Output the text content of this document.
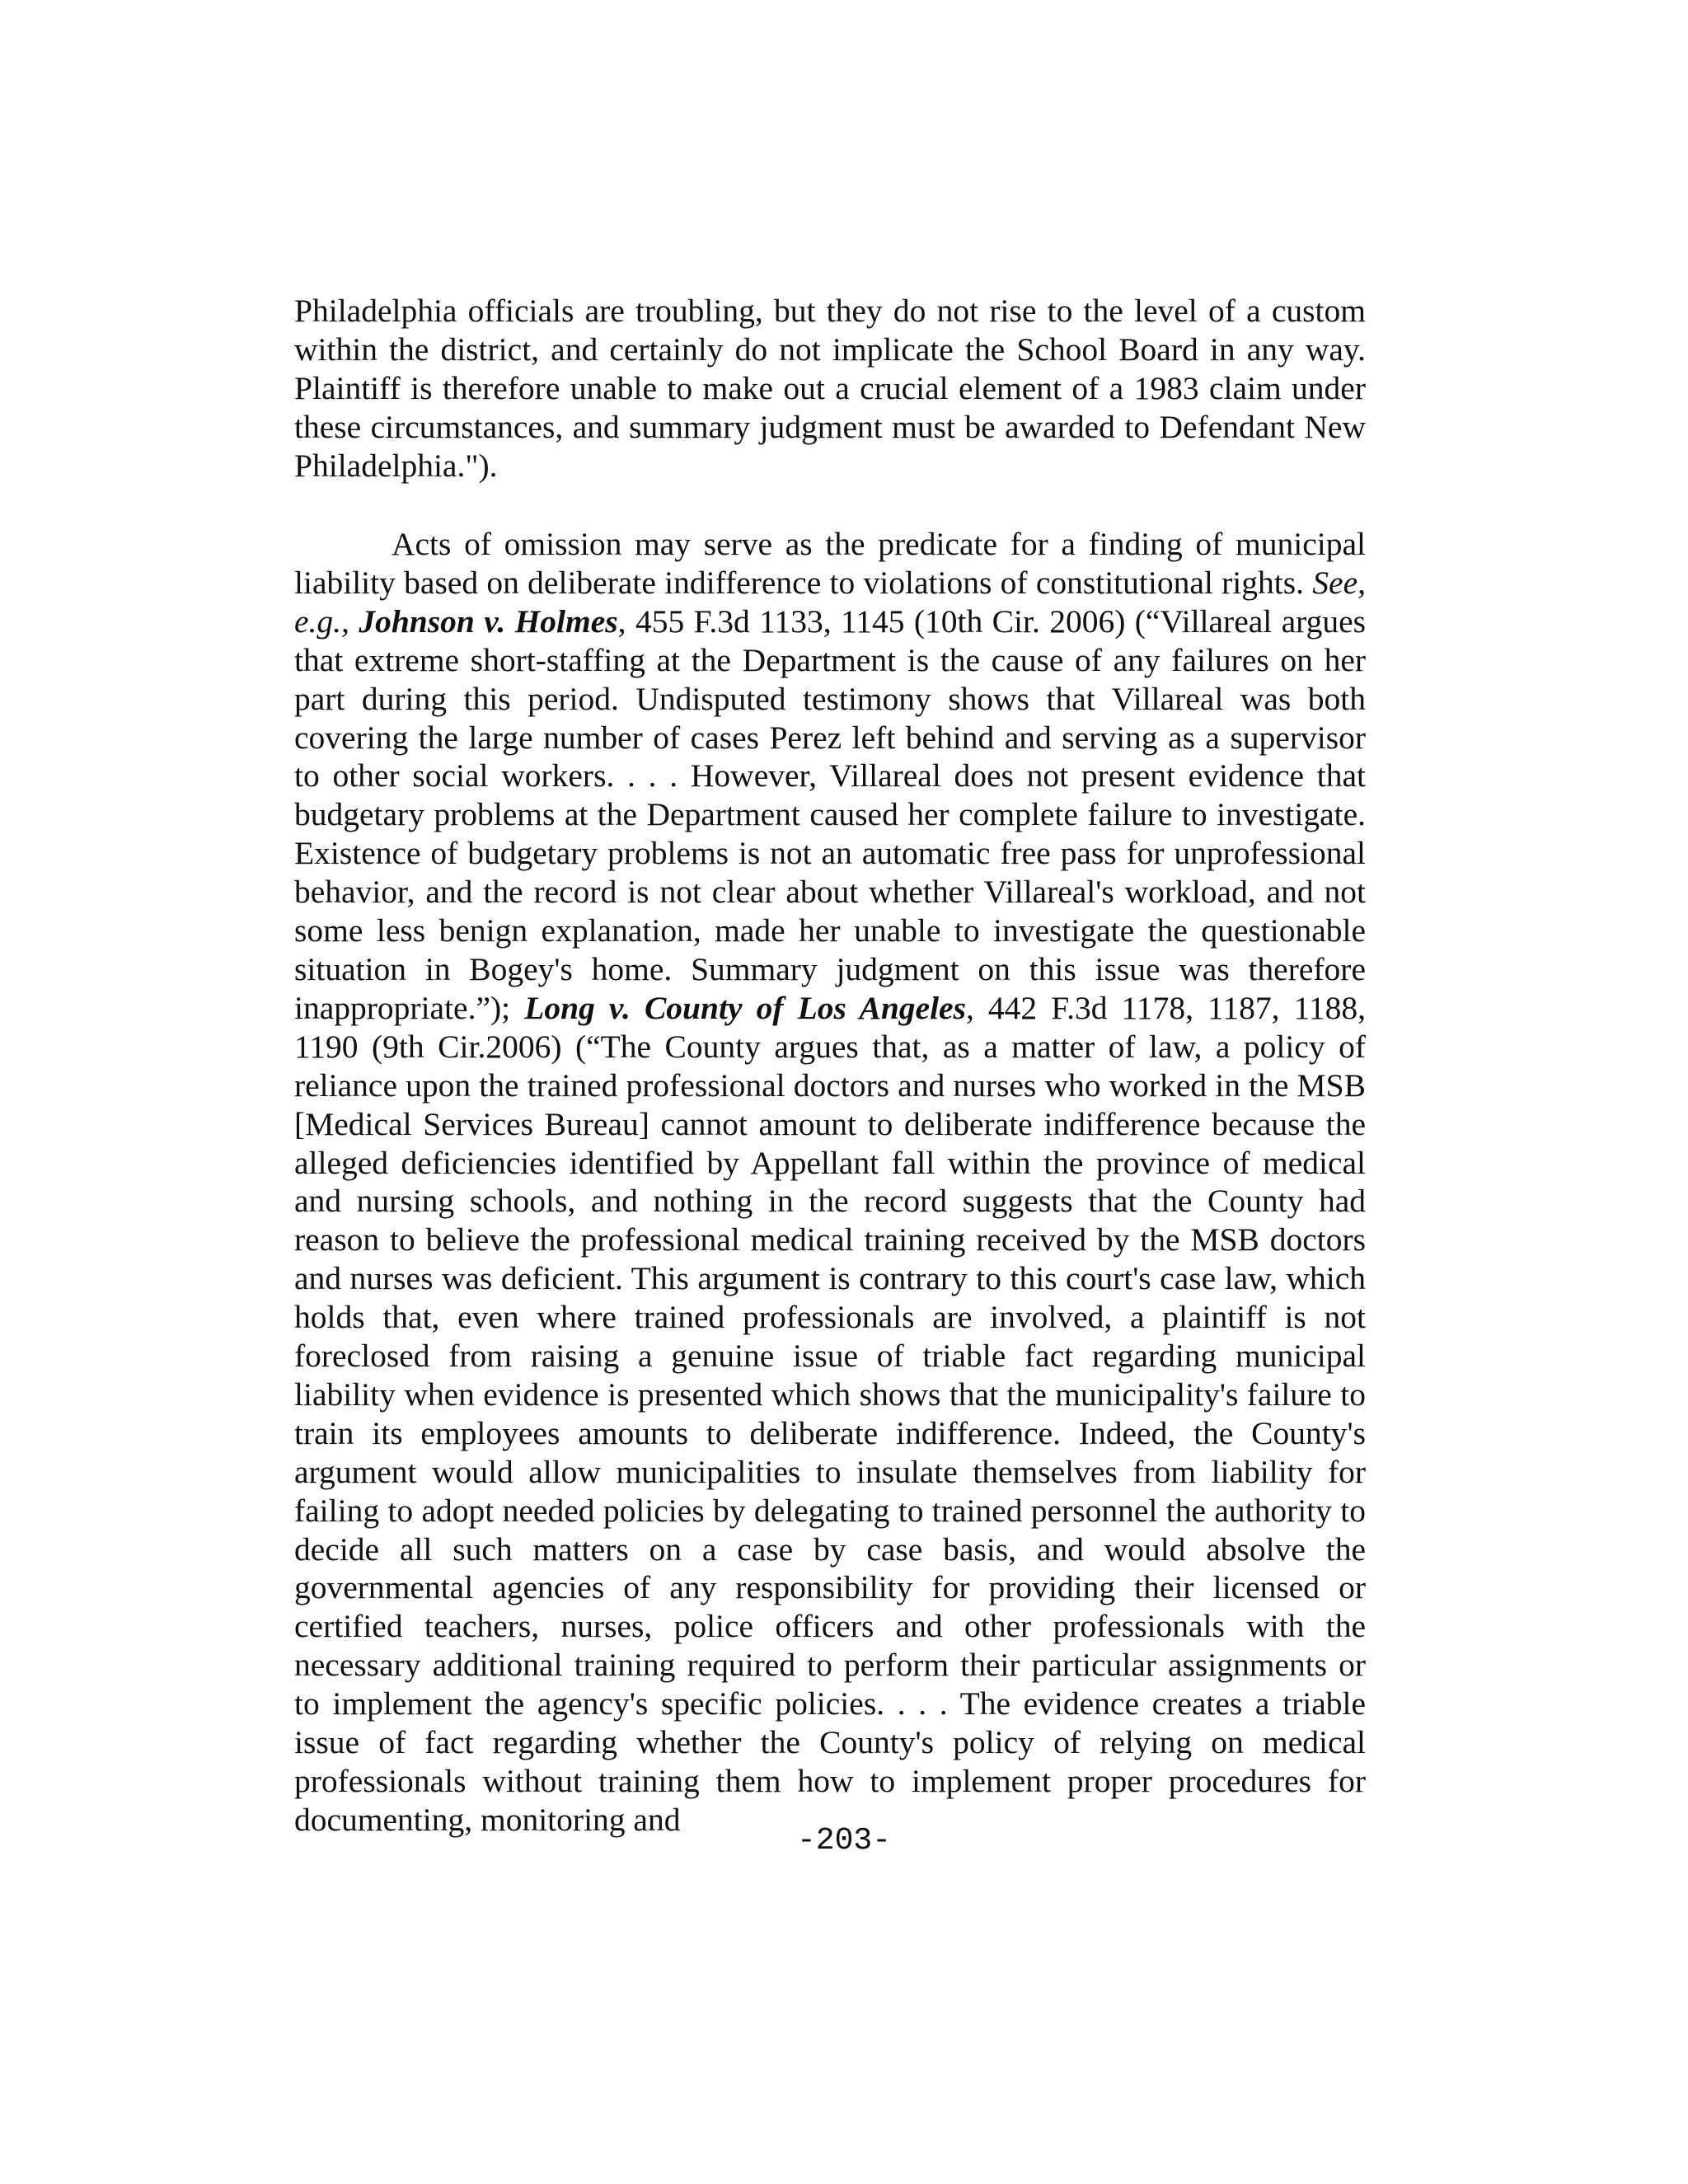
Philadelphia officials are troubling, but they do not rise to the level of a custom within the district, and certainly do not implicate the School Board in any way. Plaintiff is therefore unable to make out a crucial element of a 1983 claim under these circumstances, and summary judgment must be awarded to Defendant New Philadelphia.").

Acts of omission may serve as the predicate for a finding of municipal liability based on deliberate indifference to violations of constitutional rights. See, e.g., Johnson v. Holmes, 455 F.3d 1133, 1145 (10th Cir. 2006) (“Villareal argues that extreme short-staffing at the Department is the cause of any failures on her part during this period. Undisputed testimony shows that Villareal was both covering the large number of cases Perez left behind and serving as a supervisor to other social workers. . . . However, Villareal does not present evidence that budgetary problems at the Department caused her complete failure to investigate. Existence of budgetary problems is not an automatic free pass for unprofessional behavior, and the record is not clear about whether Villareal's workload, and not some less benign explanation, made her unable to investigate the questionable situation in Bogey's home. Summary judgment on this issue was therefore inappropriate.”); Long v. County of Los Angeles, 442 F.3d 1178, 1187, 1188, 1190 (9th Cir.2006) (“The County argues that, as a matter of law, a policy of reliance upon the trained professional doctors and nurses who worked in the MSB [Medical Services Bureau] cannot amount to deliberate indifference because the alleged deficiencies identified by Appellant fall within the province of medical and nursing schools, and nothing in the record suggests that the County had reason to believe the professional medical training received by the MSB doctors and nurses was deficient. This argument is contrary to this court's case law, which holds that, even where trained professionals are involved, a plaintiff is not foreclosed from raising a genuine issue of triable fact regarding municipal liability when evidence is presented which shows that the municipality's failure to train its employees amounts to deliberate indifference. Indeed, the County's argument would allow municipalities to insulate themselves from liability for failing to adopt needed policies by delegating to trained personnel the authority to decide all such matters on a case by case basis, and would absolve the governmental agencies of any responsibility for providing their licensed or certified teachers, nurses, police officers and other professionals with the necessary additional training required to perform their particular assignments or to implement the agency's specific policies. . . . The evidence creates a triable issue of fact regarding whether the County's policy of relying on medical professionals without training them how to implement proper procedures for documenting, monitoring and

-203-
